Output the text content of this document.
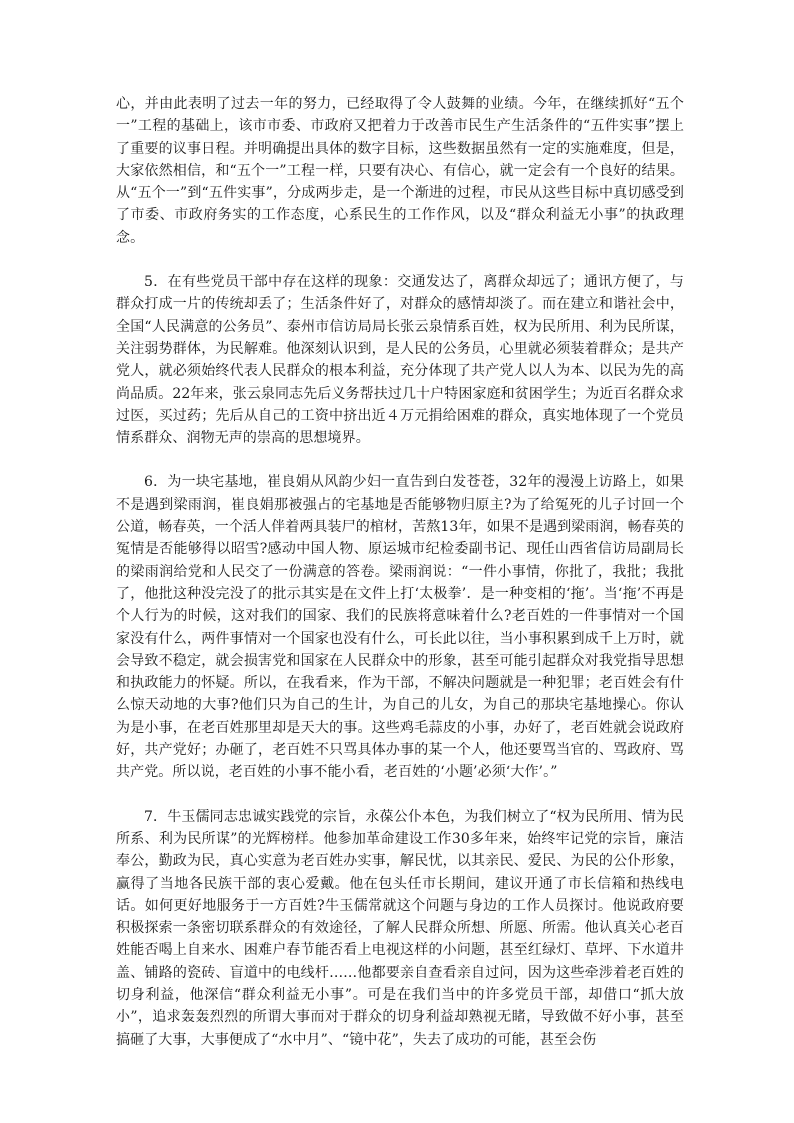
心，并由此表明了过去一年的努力，已经取得了令人鼓舞的业绩。今年，在继续抓好“五个一”工程的基础上，该市市委、市政府又把着力于改善市民生产生活条件的“五件实事”摆上了重要的议事日程。并明确提出具体的数字目标，这些数据虽然有一定的实施难度，但是，大家依然相信，和“五个一”工程一样，只要有决心、有信心，就一定会有一个良好的结果。从“五个一”到“五件实事”，分成两步走，是一个渐进的过程，市民从这些目标中真切感受到了市委、市政府务实的工作态度，心系民生的工作作风，以及“群众利益无小事”的执政理念。

5．在有些党员干部中存在这样的现象：交通发达了，离群众却远了；通讯方便了，与群众打成一片的传统却丢了；生活条件好了，对群众的感情却淡了。而在建立和谐社会中，全国“人民满意的公务员”、泰州市信访局局长张云泉情系百姓，权为民所用、利为民所谋，关注弱势群体，为民解难。他深刻认识到，是人民的公务员，心里就必须装着群众；是共产党人，就必须始终代表人民群众的根本利益，充分体现了共产党人以人为本、以民为先的高尚品质。22年来，张云泉同志先后义务帮扶过几十户特困家庭和贫困学生；为近百名群众求过医，买过药；先后从自己的工资中挤出近４万元捐给困难的群众，真实地体现了一个党员情系群众、润物无声的崇高的思想境界。

6．为一块宅基地，崔良娟从风韵少妇一直告到白发苍苍，32年的漫漫上访路上，如果不是遇到梁雨润，崔良娟那被强占的宅基地是否能够物归原主?为了给冤死的儿子讨回一个公道，畅春英，一个活人伴着两具装尸的棺材，苦熬13年，如果不是遇到梁雨润，畅春英的冤情是否能够得以昭雪?感动中国人物、原运城市纪检委副书记、现任山西省信访局副局长的梁雨润给党和人民交了一份满意的答卷。梁雨润说：“一件小事情，你批了，我批；我批了，他批这种没完没了的批示其实是在文件上打‘太极拳’．是一种变相的‘拖’。当‘拖’不再是个人行为的时候，这对我们的国家、我们的民族将意味着什么?老百姓的一件事情对一个国家没有什么，两件事情对一个国家也没有什么，可长此以往，当小事积累到成千上万时，就会导致不稳定，就会损害党和国家在人民群众中的形象，甚至可能引起群众对我党指导思想和执政能力的怀疑。所以，在我看来，作为干部，不解决问题就是一种犯罪；老百姓会有什么惊天动地的大事?他们只为自己的生计，为自己的儿女，为自己的那块宅基地操心。你认为是小事，在老百姓那里却是天大的事。这些鸡毛蒜皮的小事，办好了，老百姓就会说政府好，共产党好；办砸了，老百姓不只骂具体办事的某一个人，他还要骂当官的、骂政府、骂共产党。所以说，老百姓的小事不能小看，老百姓的‘小题’必须‘大作’。”

7．牛玉儒同志忠诚实践党的宗旨，永葆公仆本色，为我们树立了“权为民所用、情为民所系、利为民所谋”的光辉榜样。他参加革命建设工作30多年来，始终牢记党的宗旨，廉洁奉公，勤政为民，真心实意为老百姓办实事，解民忧，以其亲民、爱民、为民的公仆形象，赢得了当地各民族干部的衷心爱戴。他在包头任市长期间，建议开通了市长信箱和热线电话。如何更好地服务于一方百姓?牛玉儒常就这个问题与身边的工作人员探讨。他说政府要积极探索一条密切联系群众的有效途径，了解人民群众所想、所愿、所需。他认真关心老百姓能否喝上自来水、困难户春节能否看上电视这样的小问题，甚至红绿灯、草坪、下水道井盖、铺路的瓷砖、盲道中的电线杆……他都要亲自查看亲自过问，因为这些牵涉着老百姓的切身利益，他深信“群众利益无小事”。可是在我们当中的许多党员干部，却借口“抓大放小”，追求轰轰烈烈的所谓大事而对于群众的切身利益却熟视无睹，导致做不好小事，甚至搞砸了大事，大事便成了“水中月”、“镜中花”，失去了成功的可能，甚至会伤
